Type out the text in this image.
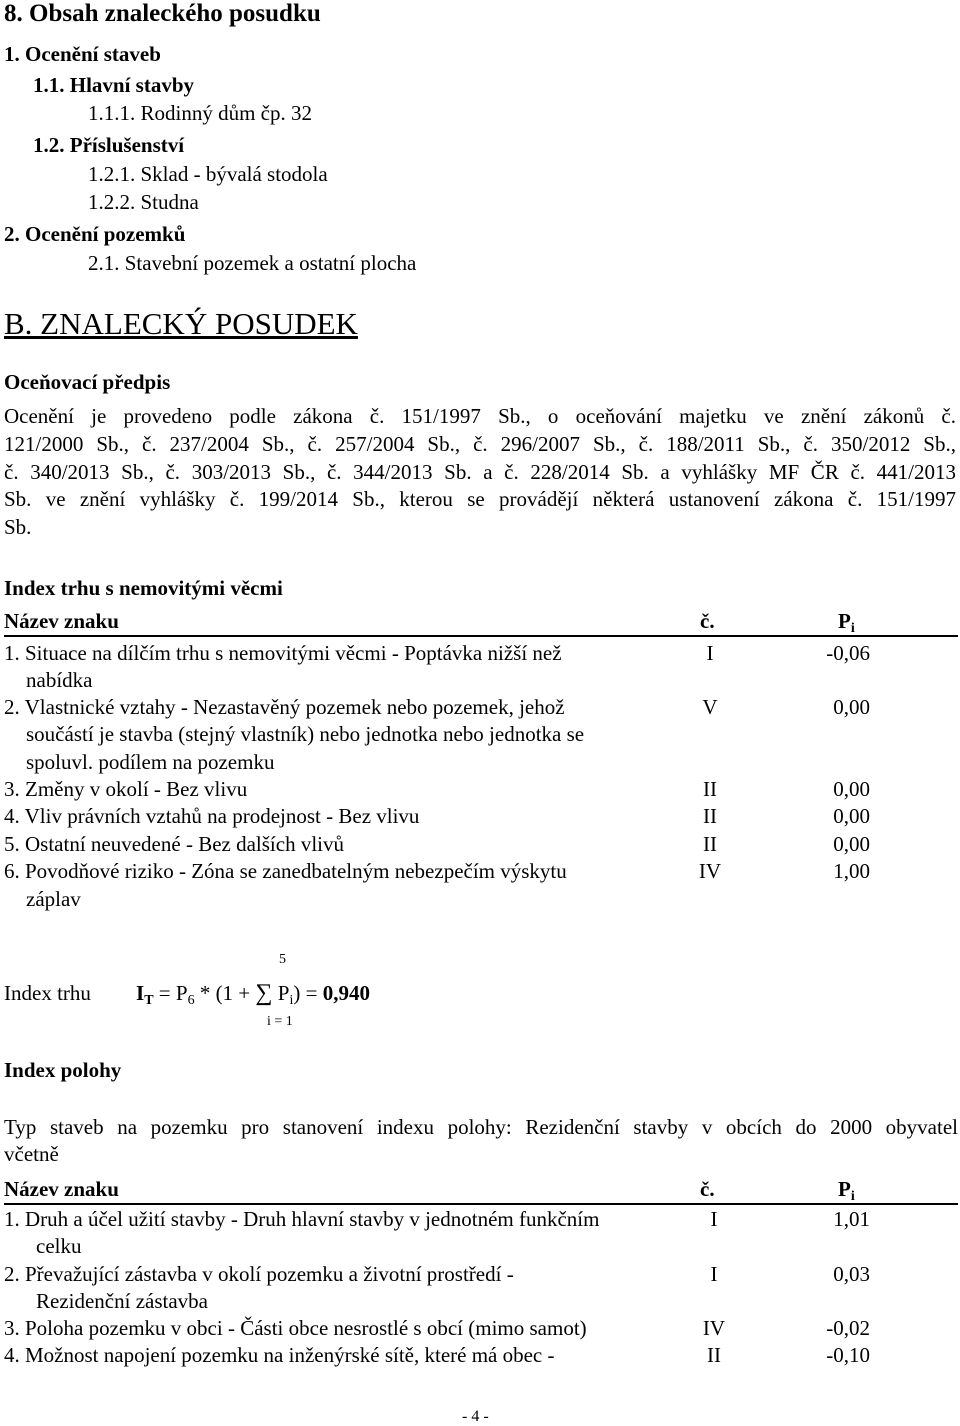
8. Obsah znaleckého posudku
1. Ocenění staveb
1.1. Hlavní stavby
1.1.1. Rodinný dům čp. 32
1.2. Příslušenství
1.2.1. Sklad - bývalá stodola
1.2.2. Studna
2. Ocenění pozemků
2.1. Stavební pozemek a ostatní plocha
B. ZNALECKÝ POSUDEK
Oceňovací předpis
Ocenění je provedeno podle zákona č. 151/1997 Sb., o oceňování majetku ve znění zákonů č.
121/2000 Sb., č. 237/2004 Sb., č. 257/2004 Sb., č. 296/2007 Sb., č. 188/2011 Sb., č. 350/2012 Sb.,
č. 340/2013 Sb., č. 303/2013 Sb., č. 344/2013 Sb. a č. 228/2014 Sb. a vyhlášky MF ČR č. 441/2013
Sb. ve znění vyhlášky č. 199/2014 Sb., kterou se provádějí některá ustanovení zákona č. 151/1997
Sb.
Index trhu s nemovitými věcmi
Název znaku	č.	$P_i$
1. Situace na dílčím trhu s nemovitými věcmi - Poptávka nižší než
nabídka
I	-0,06
2. Vlastnické vztahy - Nezastavěný pozemek nebo pozemek, jehož
součástí je stavba (stejný vlastník) nebo jednotka nebo jednotka se
spoluvl. podílem na pozemku
V	0,00
3. Změny v okolí - Bez vlivu	II	0,00
4. Vliv právních vztahů na prodejnost - Bez vlivu	II	0,00
5. Ostatní neuvedené - Bez dalších vlivů	II	0,00
6. Povodňové riziko - Zóna se zanedbatelným nebezpečím výskytu
záplav
IV	1,00
Index trhu
5
i = 1
$I_T = P_6 * (1$ + ∑ $P_i) = 0,940$
Index polohy
Typ staveb na pozemku pro stanovení indexu polohy: Rezidenční stavby v obcích do 2000 obyvatel
včetně
Název znaku	č.	$P_i$
1. Druh a účel užití stavby - Druh hlavní stavby v jednotném funkčním
celku
I	1,01
2. Převažující zástavba v okolí pozemku a životní prostředí -
Rezidenční zástavba
I	0,03
3. Poloha pozemku v obci - Části obce nesrostlé s obcí (mimo samot)	IV	-0,02
4. Možnost napojení pozemku na inženýrské sítě, které má obec -	II	-0,10
- 4 -
